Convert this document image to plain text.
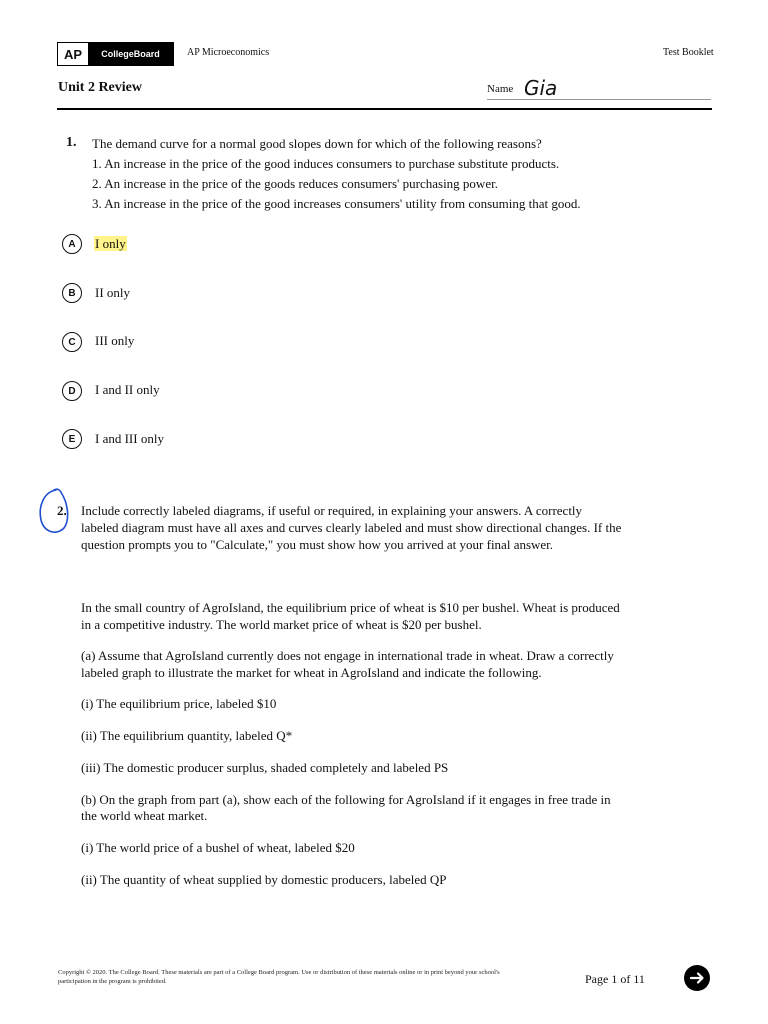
AP	CollegeBoard	AP Microeconomics	Test Booklet
Unit 2 Review	Name Gia
1. The demand curve for a normal good slopes down for which of the following reasons?
1. An increase in the price of the good induces consumers to purchase substitute products.
2. An increase in the price of the goods reduces consumers' purchasing power.
3. An increase in the price of the good increases consumers' utility from consuming that good.
A	I only
B	II only
C	III only
D	I and II only
E	I and III only
2. Include correctly labeled diagrams, if useful or required, in explaining your answers. A correctly
labeled diagram must have all axes and curves clearly labeled and must show directional changes. If the
question prompts you to "Calculate," you must show how you arrived at your final answer.
In the small country of AgroIsland, the equilibrium price of wheat is $10 per bushel. Wheat is produced
in a competitive industry. The world market price of wheat is $20 per bushel.
(a) Assume that AgroIsland currently does not engage in international trade in wheat. Draw a correctly
labeled graph to illustrate the market for wheat in AgroIsland and indicate the following.
(i) The equilibrium price, labeled $10
(ii) The equilibrium quantity, labeled Q*
(iii) The domestic producer surplus, shaded completely and labeled PS
(b) On the graph from part (a), show each of the following for AgroIsland if it engages in free trade in
the world wheat market.
(i) The world price of a bushel of wheat, labeled $20
(ii) The quantity of wheat supplied by domestic producers, labeled QP
Copyright © 2020. The College Board. These materials are part of a College Board program. Use or distribution of these materials online or in print beyond your school's participation in the program is prohibited.	Page 1 of 11
